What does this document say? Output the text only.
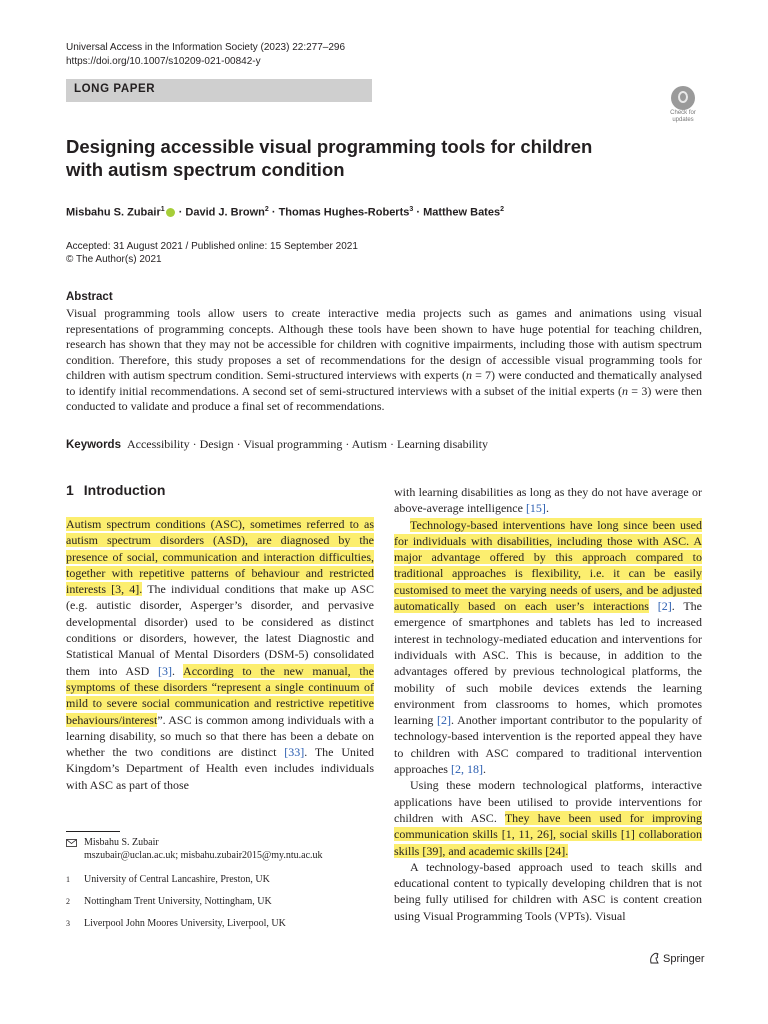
Universal Access in the Information Society (2023) 22:277–296
https://doi.org/10.1007/s10209-021-00842-y
LONG PAPER
Check for
updates
Designing accessible visual programming tools for children with autism spectrum condition
Misbahu S. Zubair$^1$ · David J. Brown$^2$ · Thomas Hughes-Roberts$^3$ · Matthew Bates$^2$
Accepted: 31 August 2021 / Published online: 15 September 2021
© The Author(s) 2021
Abstract
Visual programming tools allow users to create interactive media projects such as games and animations using visual representations of programming concepts. Although these tools have been shown to have huge potential for teaching children, research has shown that they may not be accessible for children with cognitive impairments, including those with autism spectrum condition. Therefore, this study proposes a set of recommendations for the design of accessible visual programming tools for children with autism spectrum condition. Semi-structured interviews with experts (n = 7) were conducted and thematically analysed to identify initial recommendations. A second set of semi-structured interviews with a subset of the initial experts (n = 3) were then conducted to validate and produce a final set of recommendations.
Keywords Accessibility · Design · Visual programming · Autism · Learning disability
1 Introduction

Autism spectrum conditions (ASC), sometimes referred to as autism spectrum disorders (ASD), are diagnosed by the presence of social, communication and interaction difficulties, together with repetitive patterns of behaviour and restricted interests [3, 4]. The individual conditions that make up ASC (e.g. autistic disorder, Asperger’s disorder, and pervasive developmental disorder) used to be considered as distinct conditions or disorders, however, the latest Diagnostic and Statistical Manual of Mental Disorders (DSM-5) consolidated them into ASD [3]. According to the new manual, the symptoms of these disorders “represent a single continuum of mild to severe social communication and restrictive repetitive behaviours/interest”. ASC is common among individuals with a learning disability, so much so that there has been a debate on whether the two conditions are distinct [33]. The United Kingdom’s Department of Health even includes individuals with ASC as part of those

with learning disabilities as long as they do not have average or above-average intelligence [15].

Technology-based interventions have long since been used for individuals with disabilities, including those with ASC. A major advantage offered by this approach compared to traditional approaches is flexibility, i.e. it can be easily customised to meet the varying needs of users, and be adjusted automatically based on each user’s interactions [2]. The emergence of smartphones and tablets has led to increased interest in technology-mediated education and interventions for individuals with ASC. This is because, in addition to the advantages offered by previous technological platforms, the mobility of such mobile devices extends the learning environment from classrooms to homes, which promotes learning [2]. Another important contributor to the popularity of technology-based intervention is the reported appeal they have to children with ASC compared to traditional intervention approaches [2, 18].

Using these modern technological platforms, interactive applications have been utilised to provide interventions for children with ASC. They have been used for improving communication skills [1, 11, 26], social skills [1] collaboration skills [39], and academic skills [24].

A technology-based approach used to teach skills and educational content to typically developing children that is not being fully utilised for children with ASC is content creation using Visual Programming Tools (VPTs). Visual

Misbahu S. Zubair
mszubair@uclan.ac.uk; misbahu.zubair2015@my.ntu.ac.uk
1 University of Central Lancashire, Preston, UK
2 Nottingham Trent University, Nottingham, UK
3 Liverpool John Moores University, Liverpool, UK
Springer
